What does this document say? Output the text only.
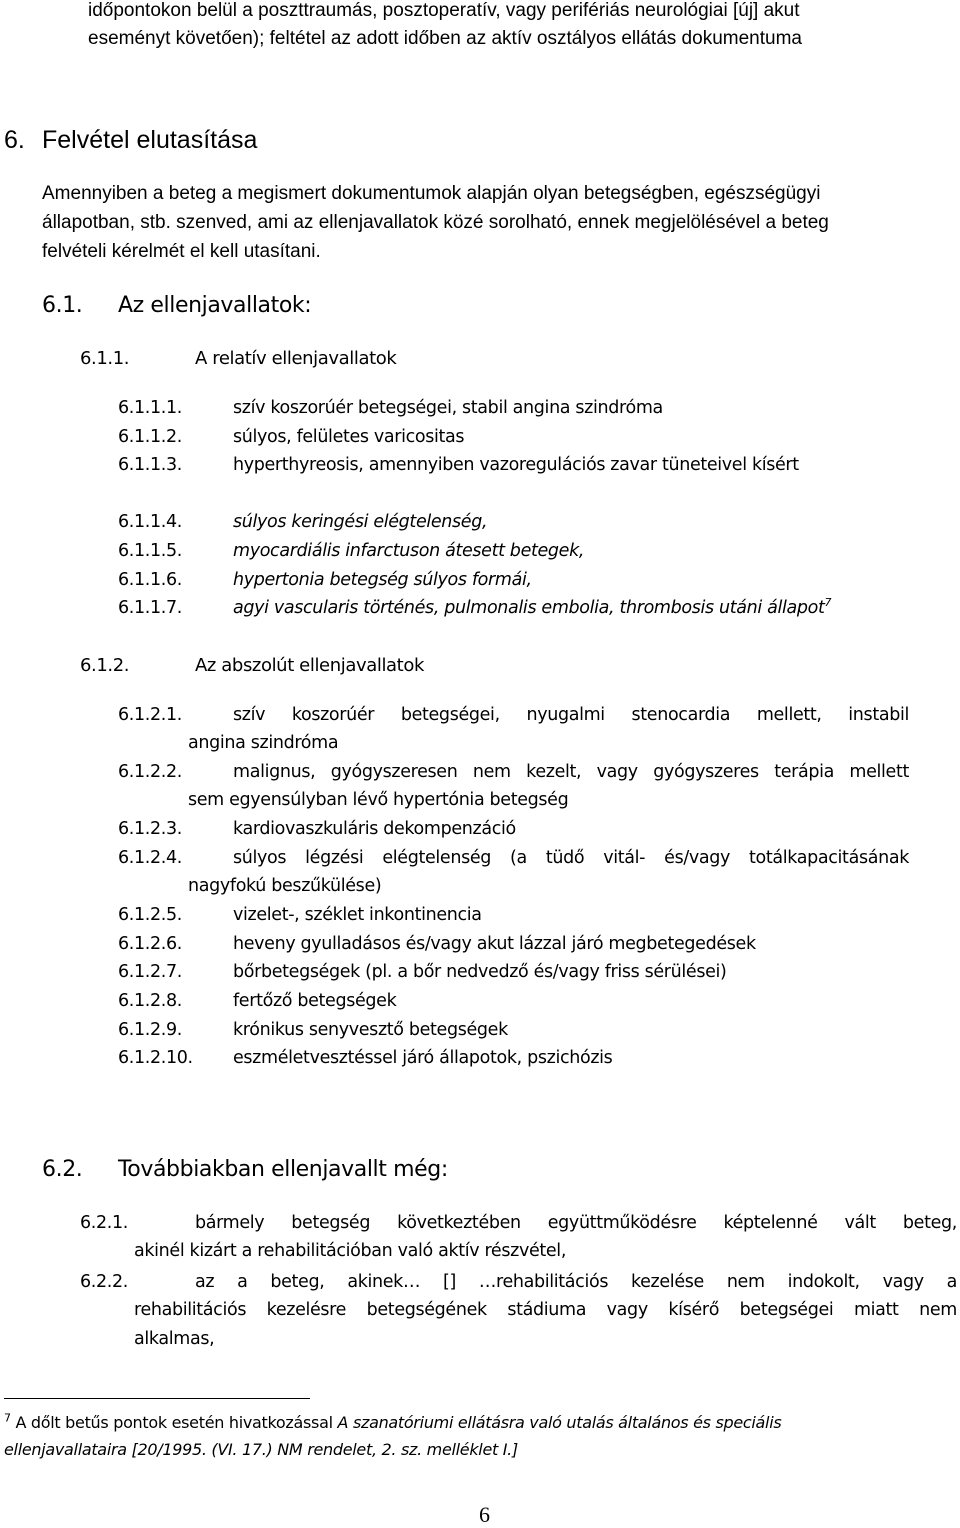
időpontokon belül a poszttraumás, posztoperatív, vagy perifériás neurológiai [új] akut
eseményt követően); feltétel az adott időben az aktív osztályos ellátás dokumentuma
6. Felvétel elutasítása
Amennyiben a beteg a megismert dokumentumok alapján olyan betegségben, egészségügyi
állapotban, stb. szenved, ami az ellenjavallatok közé sorolható, ennek megjelölésével a beteg
felvételi kérelmét el kell utasítani.
6.1. Az ellenjavallatok:
6.1.1.	A relatív ellenjavallatok
6.1.1.1.	szív koszorúér betegségei, stabil angina szindróma
6.1.1.2.	súlyos, felületes varicositas
6.1.1.3.	hyperthyreosis, amennyiben vazoregulációs zavar tüneteivel kísért
6.1.1.4.	súlyos keringési elégtelenség,
6.1.1.5.	myocardiális infarctuson átesett betegek,
6.1.1.6.	hypertonia betegség súlyos formái,
6.1.1.7.	agyi vascularis történés, pulmonalis embolia, thrombosis utáni állapot$^7$
6.1.2.	Az abszolút ellenjavallatok
6.1.2.1.	szív koszorúér betegségei, nyugalmi stenocardia mellett, instabil
angina szindróma
6.1.2.2.	malignus, gyógyszeresen nem kezelt, vagy gyógyszeres terápia mellett
sem egyensúlyban lévő hypertónia betegség
6.1.2.3.	kardiovaszkuláris dekompenzáció
6.1.2.4.	súlyos légzési elégtelenség (a tüdő vitál- és/vagy totálkapacitásának
nagyfokú beszűkülése)
6.1.2.5.	vizelet-, széklet inkontinencia
6.1.2.6.	heveny gyulladásos és/vagy akut lázzal járó megbetegedések
6.1.2.7.	bőrbetegségek (pl. a bőr nedvedző és/vagy friss sérülései)
6.1.2.8.	fertőző betegségek
6.1.2.9.	krónikus senyvesztő betegségek
6.1.2.10. eszméletvesztéssel járó állapotok, pszichózis
6.2. Továbbiakban ellenjavallt még:
6.2.1.	bármely betegség következtében együttműködésre képtelenné vált beteg,
akinél kizárt a rehabilitációban való aktív részvétel,
6.2.2.	az a beteg, akinek… [] …rehabilitációs kezelése nem indokolt, vagy a
rehabilitációs kezelésre betegségének stádiuma vagy kísérő betegségei miatt nem
alkalmas,
$^7$ A dőlt betűs pontok esetén hivatkozással A szanatóriumi ellátásra való utalás általános és speciális
ellenjavallataira [20/1995. (VI. 17.) NM rendelet, 2. sz. melléklet I.]
6
